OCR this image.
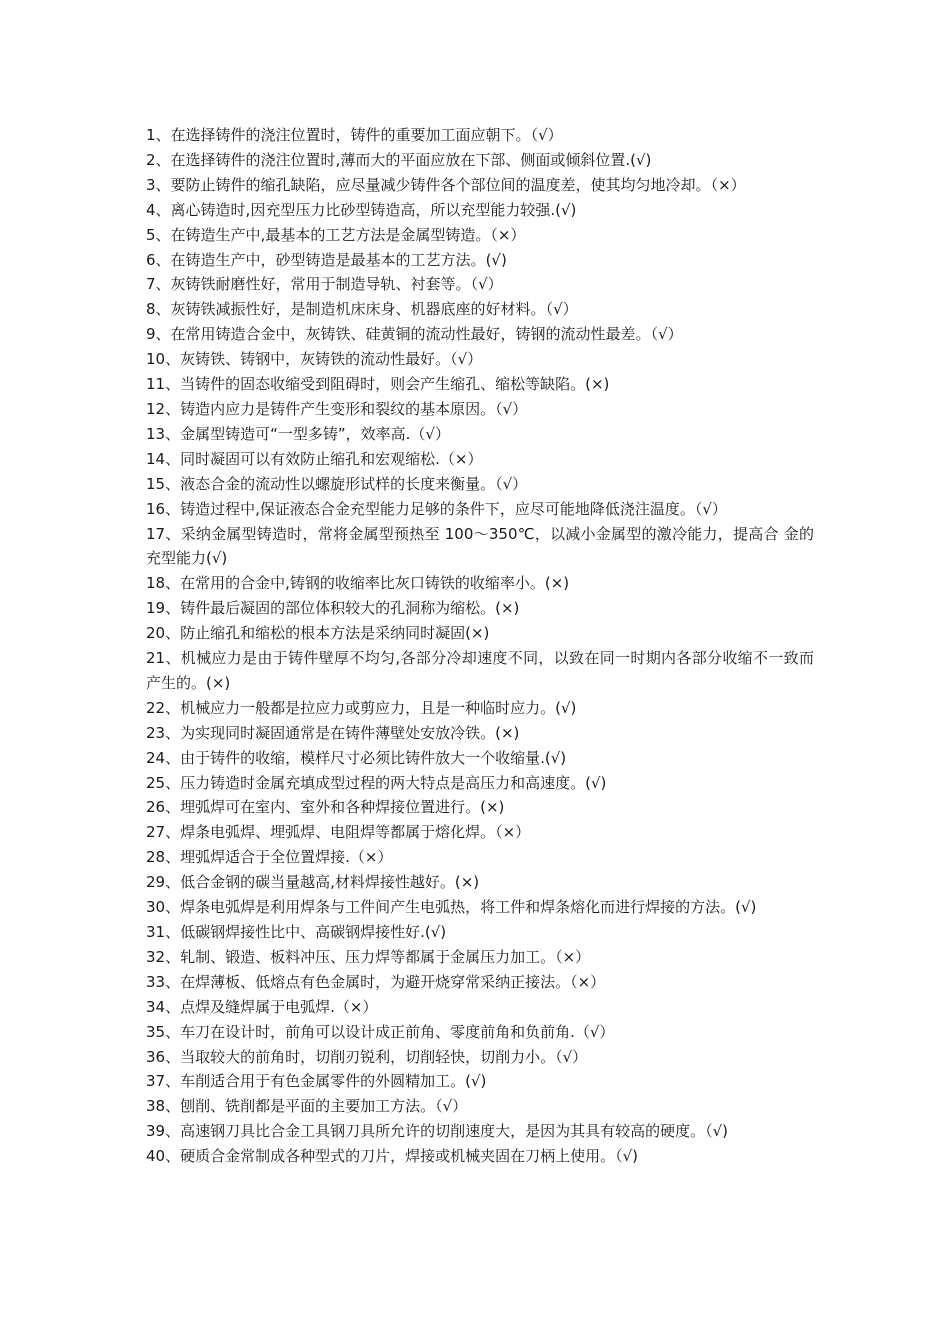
1、在选择铸件的浇注位置时，铸件的重要加工面应朝下。（√）

2、在选择铸件的浇注位置时,薄而大的平面应放在下部、侧面或倾斜位置.(√)

3、要防止铸件的缩孔缺陷，应尽量减少铸件各个部位间的温度差，使其均匀地冷却。（×）

4、离心铸造时,因充型压力比砂型铸造高，所以充型能力较强.(√)

5、在铸造生产中,最基本的工艺方法是金属型铸造。（×）

6、在铸造生产中，砂型铸造是最基本的工艺方法。(√)

7、灰铸铁耐磨性好，常用于制造导轨、衬套等。（√）

8、灰铸铁减振性好，是制造机床床身、机器底座的好材料。（√）

9、在常用铸造合金中，灰铸铁、硅黄铜的流动性最好，铸钢的流动性最差。（√）

10、灰铸铁、铸钢中，灰铸铁的流动性最好。（√）

11、当铸件的固态收缩受到阻碍时，则会产生缩孔、缩松等缺陷。(×)

12、铸造内应力是铸件产生变形和裂纹的基本原因。（√）

13、金属型铸造可“一型多铸”，效率高.（√）

14、同时凝固可以有效防止缩孔和宏观缩松.（×）

15、液态合金的流动性以螺旋形试样的长度来衡量。（√）

16、铸造过程中,保证液态合金充型能力足够的条件下，应尽可能地降低浇注温度。（√）

17、采纳金属型铸造时，常将金属型预热至 100～350℃，以减小金属型的激冷能力，提高合 金的充型能力(√)

18、在常用的合金中,铸钢的收缩率比灰口铸铁的收缩率小。(×)

19、铸件最后凝固的部位体积较大的孔洞称为缩松。(×)

20、防止缩孔和缩松的根本方法是采纳同时凝固(×)

21、机械应力是由于铸件壁厚不均匀,各部分冷却速度不同，以致在同一时期内各部分收缩不一致而产生的。(×)

22、机械应力一般都是拉应力或剪应力，且是一种临时应力。(√)

23、为实现同时凝固通常是在铸件薄壁处安放冷铁。(×)

24、由于铸件的收缩，模样尺寸必须比铸件放大一个收缩量.(√)

25、压力铸造时金属充填成型过程的两大特点是高压力和高速度。(√)

26、埋弧焊可在室内、室外和各种焊接位置进行。(×)

27、焊条电弧焊、埋弧焊、电阻焊等都属于熔化焊。（×）

28、埋弧焊适合于全位置焊接.（×）

29、低合金钢的碳当量越高,材料焊接性越好。(×)

30、焊条电弧焊是利用焊条与工件间产生电弧热，将工件和焊条熔化而进行焊接的方法。(√)

31、低碳钢焊接性比中、高碳钢焊接性好.(√)

32、轧制、锻造、板料冲压、压力焊等都属于金属压力加工。（×）

33、在焊薄板、低熔点有色金属时，为避开烧穿常采纳正接法。（×）

34、点焊及缝焊属于电弧焊.（×）

35、车刀在设计时，前角可以设计成正前角、零度前角和负前角.（√）

36、当取较大的前角时，切削刃锐利，切削轻快，切削力小。（√）

37、车削适合用于有色金属零件的外圆精加工。(√)

38、刨削、铣削都是平面的主要加工方法。（√）

39、高速钢刀具比合金工具钢刀具所允许的切削速度大，是因为其具有较高的硬度。（√)

40、硬质合金常制成各种型式的刀片，焊接或机械夹固在刀柄上使用。（√)
